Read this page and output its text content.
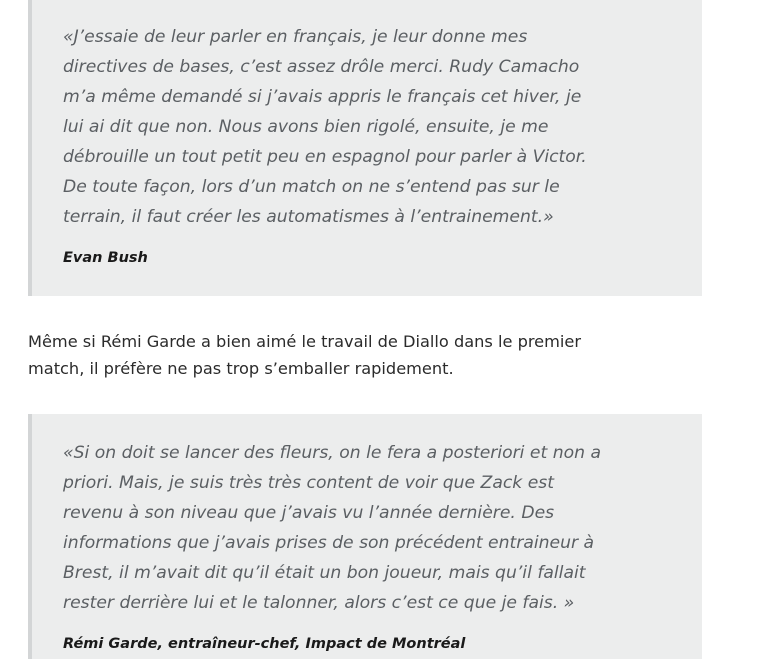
«J’essaie de leur parler en français, je leur donne mes
directives de bases, c’est assez drôle merci. Rudy Camacho
m’a même demandé si j’avais appris le français cet hiver, je
lui ai dit que non. Nous avons bien rigolé, ensuite, je me
débrouille un tout petit peu en espagnol pour parler à Victor.
De toute façon, lors d’un match on ne s’entend pas sur le
terrain, il faut créer les automatismes à l’entrainement.»

Evan Bush

Même si Rémi Garde a bien aimé le travail de Diallo dans le premier
match, il préfère ne pas trop s’emballer rapidement.

«Si on doit se lancer des fleurs, on le fera a posteriori et non a
priori. Mais, je suis très très content de voir que Zack est
revenu à son niveau que j’avais vu l’année dernière. Des
informations que j’avais prises de son précédent entraineur à
Brest, il m’avait dit qu’il était un bon joueur, mais qu’il fallait
rester derrière lui et le talonner, alors c’est ce que je fais. »

Rémi Garde, entraîneur-chef, Impact de Montréal
